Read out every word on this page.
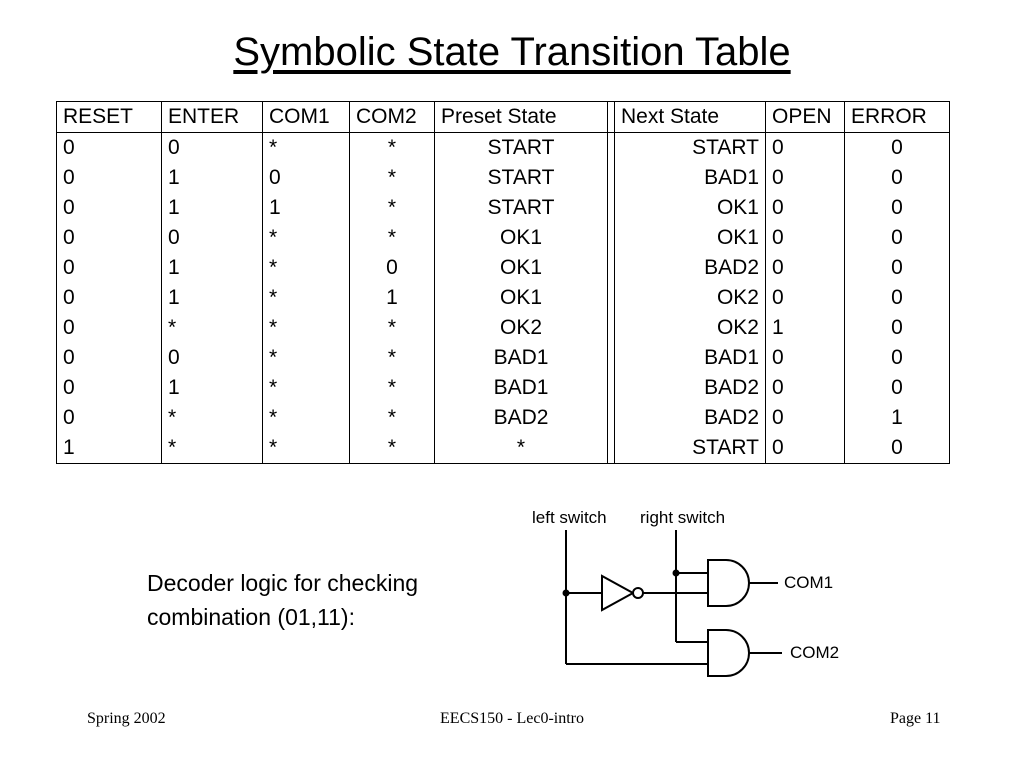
Symbolic State Transition Table
RESET	ENTER	COM1	COM2	Preset State		Next State	OPEN	ERROR
0	0	*	*	START		START	0	0
0	1	0	*	START		BAD1	0	0
0	1	1	*	START		OK1	0	0
0	0	*	*	OK1		OK1	0	0
0	1	*	0	OK1		BAD2	0	0
0	1	*	1	OK1		OK2	0	0
0	*	*	*	OK2		OK2	1	0
0	0	*	*	BAD1		BAD1	0	0
0	1	*	*	BAD1		BAD2	0	0
0	*	*	*	BAD2		BAD2	0	1
1	*	*	*	*		START	0	0
Decoder logic for checking
combination (01,11):
left switch right switch
COM1
COM2
Spring 2002	EECS150 - Lec0-intro	Page 11
